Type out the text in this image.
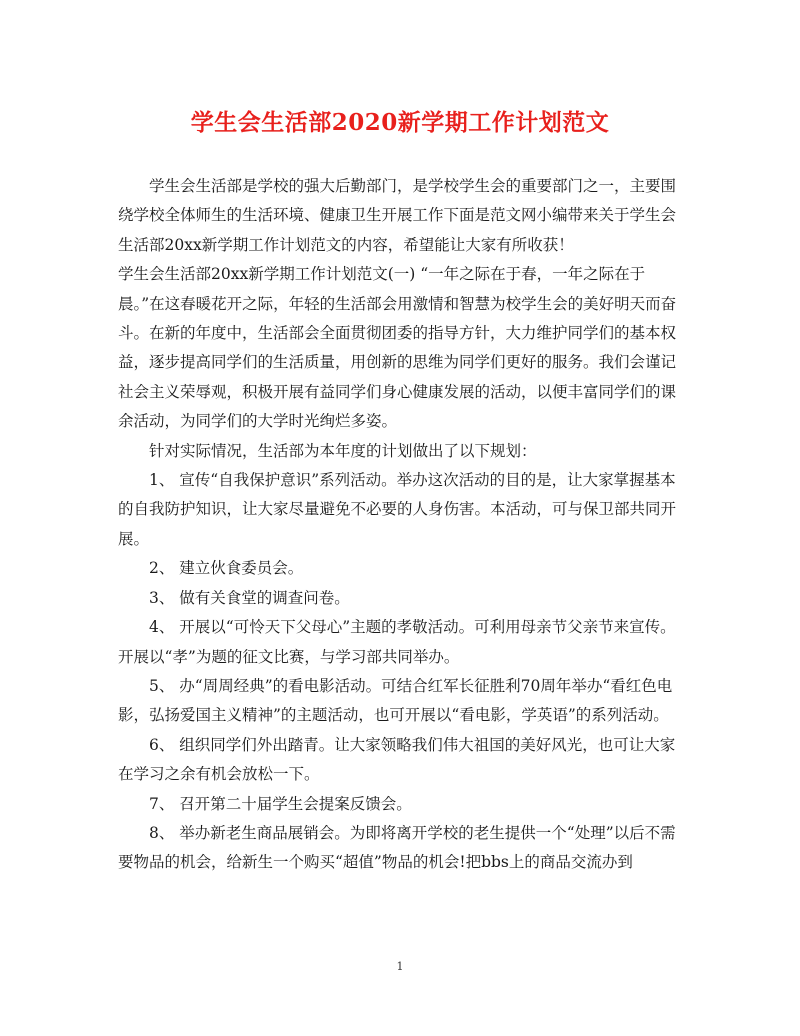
学生会生活部2020新学期工作计划范文

学生会生活部是学校的强大后勤部门，是学校学生会的重要部门之一，主要围绕学校全体师生的生活环境、健康卫生开展工作下面是范文网小编带来关于学生会生活部20xx新学期工作计划范文的内容，希望能让大家有所收获！

学生会生活部20xx新学期工作计划范文(一) “一年之际在于春，一年之际在于晨。”在这春暖花开之际，年轻的生活部会用激情和智慧为校学生会的美好明天而奋斗。在新的年度中，生活部会全面贯彻团委的指导方针，大力维护同学们的基本权益，逐步提高同学们的生活质量，用创新的思维为同学们更好的服务。我们会谨记社会主义荣辱观，积极开展有益同学们身心健康发展的活动，以便丰富同学们的课余活动，为同学们的大学时光绚烂多姿。

针对实际情况，生活部为本年度的计划做出了以下规划：

1、 宣传“自我保护意识”系列活动。举办这次活动的目的是，让大家掌握基本的自我防护知识，让大家尽量避免不必要的人身伤害。本活动，可与保卫部共同开展。

2、 建立伙食委员会。

3、 做有关食堂的调查问卷。

4、 开展以“可怜天下父母心”主题的孝敬活动。可利用母亲节父亲节来宣传。开展以“孝”为题的征文比赛，与学习部共同举办。

5、 办“周周经典”的看电影活动。可结合红军长征胜利70周年举办“看红色电影，弘扬爱国主义精神”的主题活动，也可开展以“看电影，学英语”的系列活动。

6、 组织同学们外出踏青。让大家领略我们伟大祖国的美好风光，也可让大家在学习之余有机会放松一下。

7、 召开第二十届学生会提案反馈会。

8、 举办新老生商品展销会。为即将离开学校的老生提供一个“处理”以后不需要物品的机会，给新生一个购买“超值”物品的机会!把bbs上的商品交流办到

1
